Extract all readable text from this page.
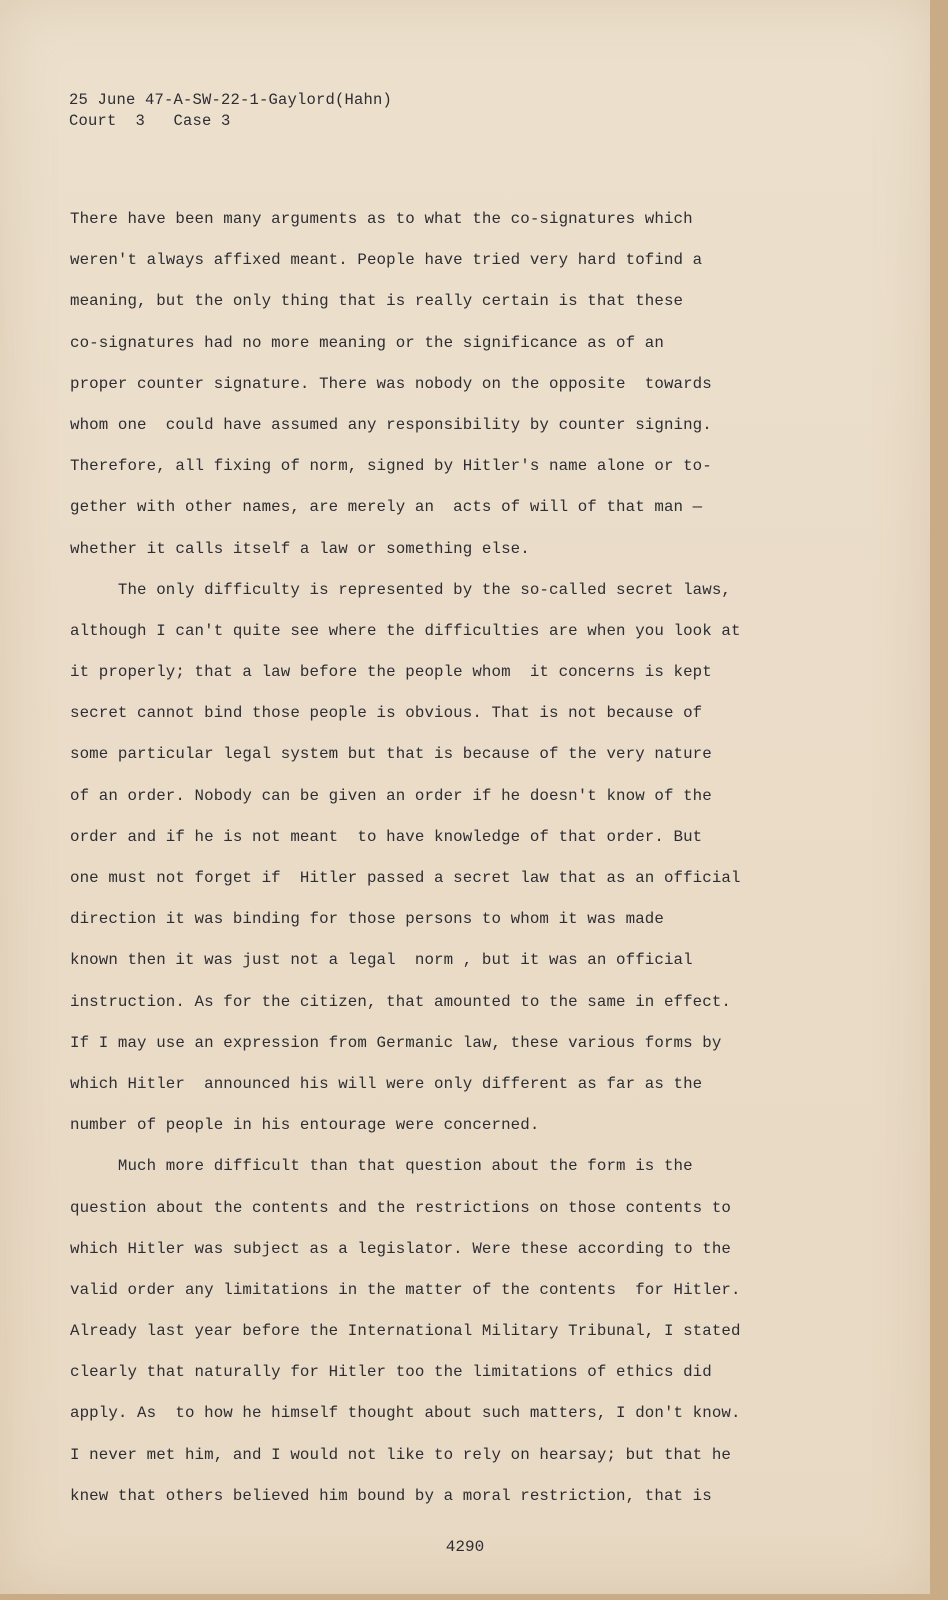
25 June 47-A-SW-22-1-Gaylord(Hahn)
Court  3   Case 3
There have been many arguments as to what the co-signatures which
weren't always affixed meant. People have tried very hard tofind a
meaning, but the only thing that is really certain is that these
co-signatures had no more meaning or the significance as of an
proper counter signature. There was nobody on the opposite  towards
whom one  could have assumed any responsibility by counter signing.
Therefore, all fixing of norm, signed by Hitler's name alone or to-
gether with other names, are merely an  acts of will of that man —
whether it calls itself a law or something else.
The only difficulty is represented by the so-called secret laws,
although I can't quite see where the difficulties are when you look at
it properly; that a law before the people whom  it concerns is kept
secret cannot bind those people is obvious. That is not because of
some particular legal system but that is because of the very nature
of an order. Nobody can be given an order if he doesn't know of the
order and if he is not meant  to have knowledge of that order. But
one must not forget if  Hitler passed a secret law that as an official
direction it was binding for those persons to whom it was made
known then it was just not a legal  norm , but it was an official
instruction. As for the citizen, that amounted to the same in effect.
If I may use an expression from Germanic law, these various forms by
which Hitler  announced his will were only different as far as the
number of people in his entourage were concerned.
Much more difficult than that question about the form is the
question about the contents and the restrictions on those contents to
which Hitler was subject as a legislator. Were these according to the
valid order any limitations in the matter of the contents  for Hitler.
Already last year before the International Military Tribunal, I stated
clearly that naturally for Hitler too the limitations of ethics did
apply. As  to how he himself thought about such matters, I don't know.
I never met him, and I would not like to rely on hearsay; but that he
knew that others believed him bound by a moral restriction, that is
4290
